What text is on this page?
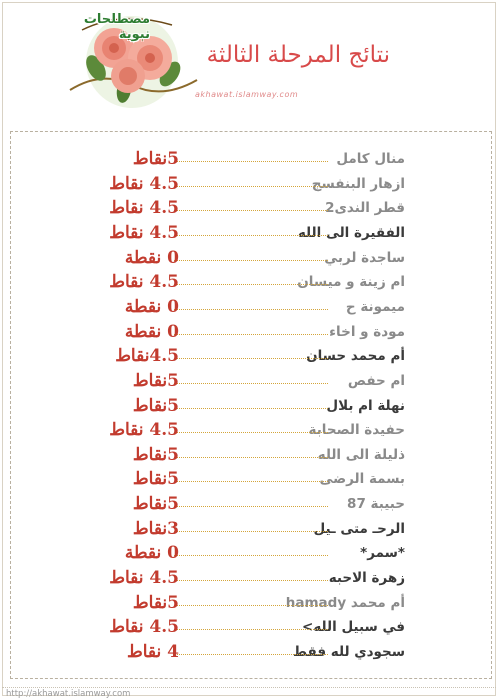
مصطلحات نبوية
نتائج المرحلة الثالثة
akhawat.islamway.com
منال كامل
5نقاط
ازهار البنفسج
4.5 نقاط
قطر الندى2
4.5 نقاط
الفقيرة الى الله
4.5 نقاط
ساجدة لربي
0 نقطة
ام زينة و ميسان
4.5 نقاط
ميمونة ح
0 نقطة
مودة و اخاء
0 نقطة
أم محمد حسان
4.5نقاط
ام حفص
5نقاط
نهلة ام بلال
5نقاط
حفيدة الصحابة
4.5 نقاط
ذليلة الى الله
5نقاط
بسمة الرضى
5نقاط
حبيبة 87
5نقاط
الرحـ متى ـيل
3نقاط
*سمر*
0 نقطة
زهرة الاحبه
4.5 نقاط
أم محمد hamady
5نقاط
في سبيل الله>
4.5 نقاط
سجودي لله فقط
4 نقاط
http://akhawat.islamway.com
